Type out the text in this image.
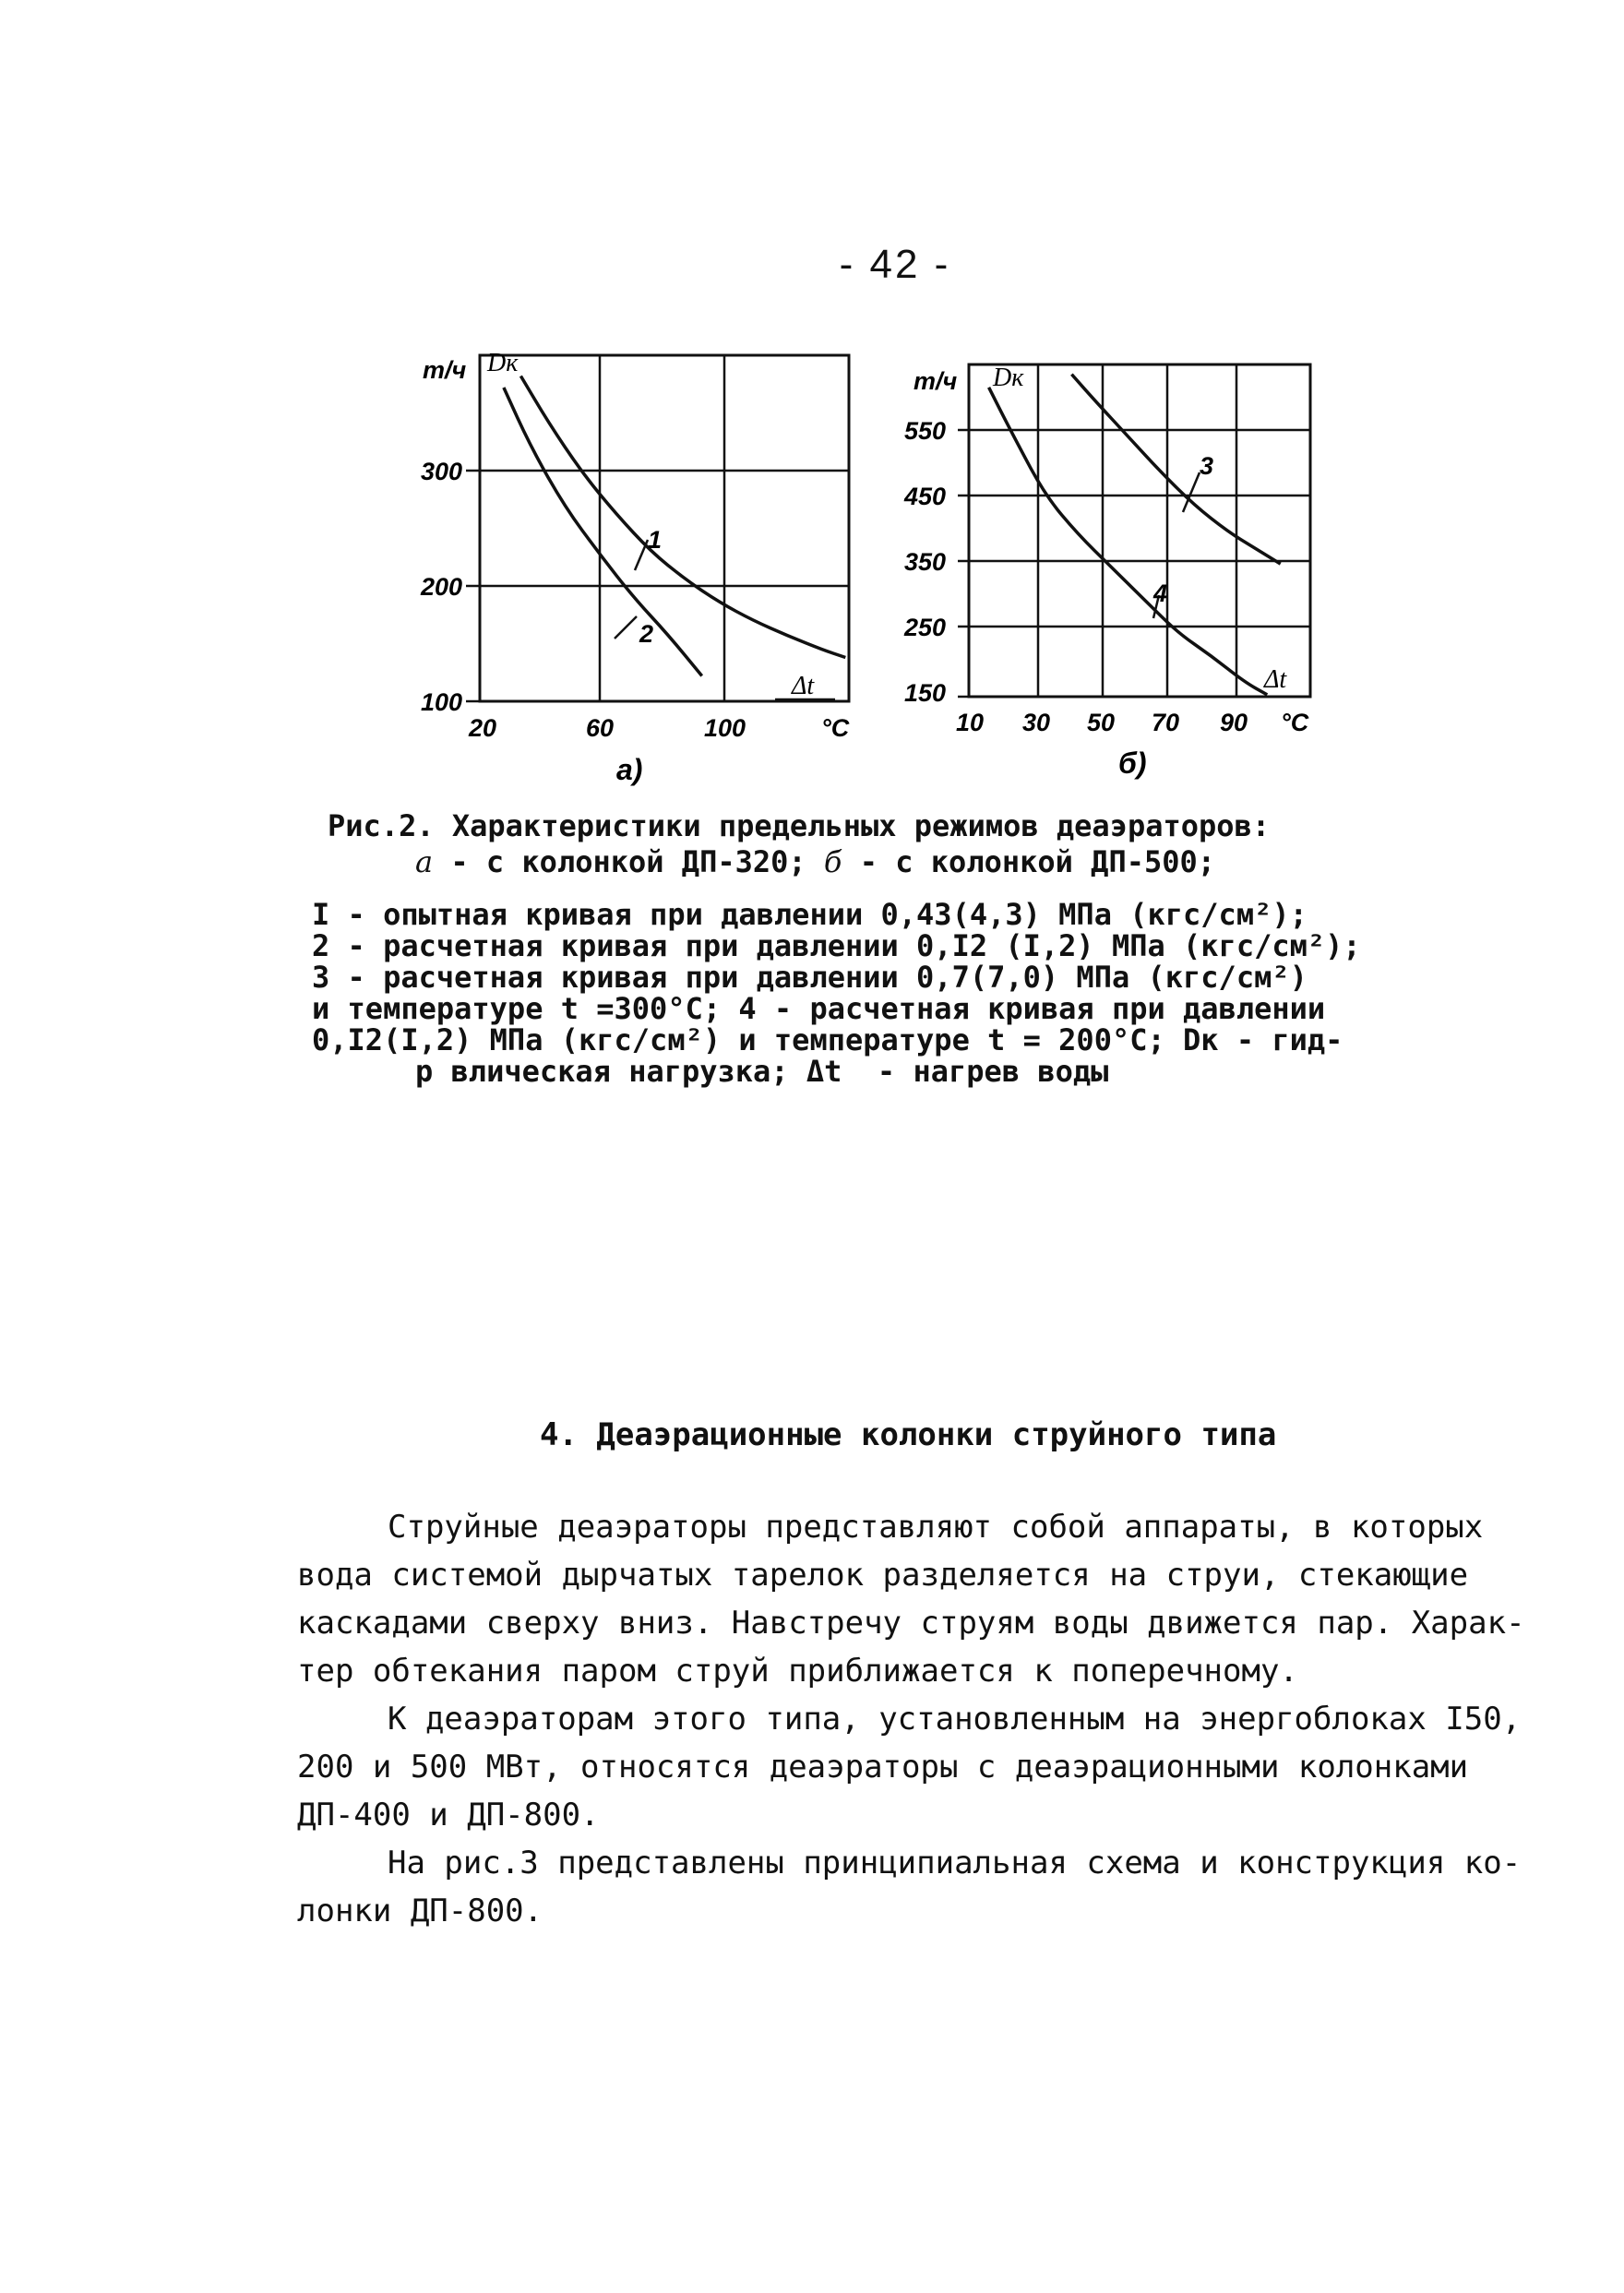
- 42 -
1
2
т/ч Dк
Δt
300
200
100
20	60	100	°C
а)
3
4
т/ч Dк
Δt
550
450
350
250
150
10 30 50 70 90 °C
б)
Рис.2. Характеристики предельных режимов деаэраторов:
а - с колонкой ДП-320; б - с колонкой ДП-500;
I - опытная кривая при давлении 0,43(4,3) МПа (кгс/см²);
2 - расчетная кривая при давлении 0,I2 (I,2) МПа (кгс/см²);
3 - расчетная кривая при давлении 0,7(7,0) МПа (кгс/см²)
и температуре t =300°C; 4 - расчетная кривая при давлении
0,I2(I,2) МПа (кгс/см²) и температуре t = 200°C; Dк - гид-
р влическая нагрузка; Δt  - нагрев воды
4. Деаэрационные колонки струйного типа
Струйные деаэраторы представляют собой аппараты, в которых
вода системой дырчатых тарелок разделяется на струи, стекающие
каскадами сверху вниз. Навстречу струям воды движется пар. Харак-
тер обтекания паром струй приближается к поперечному.
К деаэраторам этого типа, установленным на энергоблоках I50,
200 и 500 МВт, относятся деаэраторы с деаэрационными колонками
ДП-400 и ДП-800.
На рис.3 представлены принципиальная схема и конструкция ко-
лонки ДП-800.
